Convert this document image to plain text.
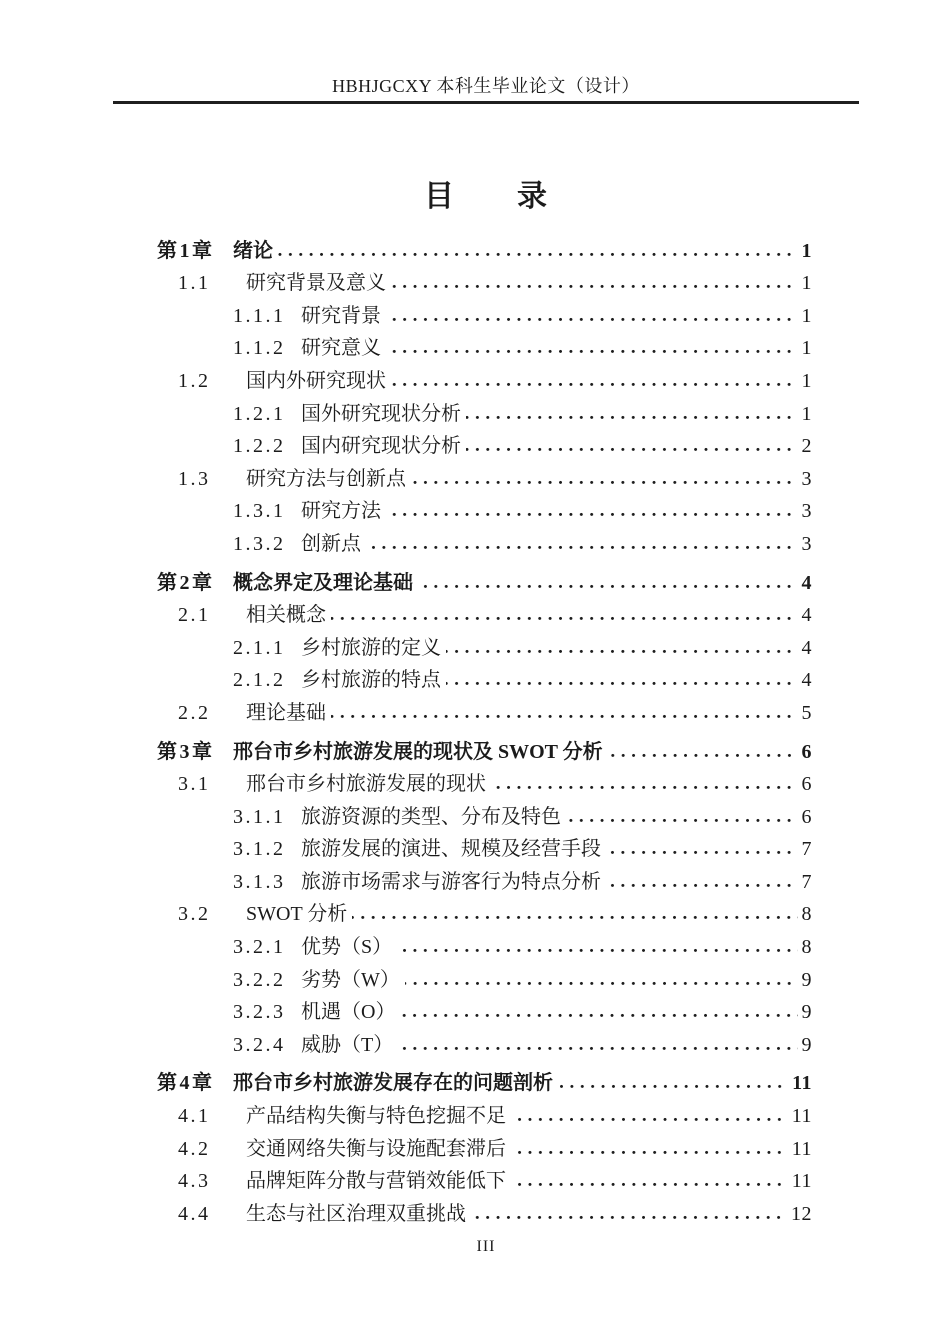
HBHJGCXY 本科生毕业论文（设计）
目　　录
第1章 绪论	1
1.1	研究背景及意义	1
1.1.1 研究背景	1
1.1.2 研究意义	1
1.2	国内外研究现状	1
1.2.1 国外研究现状分析	1
1.2.2 国内研究现状分析	2
1.3	研究方法与创新点	3
1.3.1 研究方法	3
1.3.2 创新点	3
第2章 概念界定及理论基础	4
2.1	相关概念	4
2.1.1 乡村旅游的定义	4
2.1.2 乡村旅游的特点	4
2.2	理论基础	5
第3章 邢台市乡村旅游发展的现状及 SWOT 分析	6
3.1	邢台市乡村旅游发展的现状	6
3.1.1 旅游资源的类型、分布及特色	6
3.1.2 旅游发展的演进、规模及经营手段	7
3.1.3 旅游市场需求与游客行为特点分析	7
3.2	SWOT 分析	8
3.2.1 优势（S）	8
3.2.2 劣势（W）	9
3.2.3 机遇（O）	9
3.2.4 威胁（T）	9
第4章 邢台市乡村旅游发展存在的问题剖析	11
4.1	产品结构失衡与特色挖掘不足	11
4.2	交通网络失衡与设施配套滞后	11
4.3	品牌矩阵分散与营销效能低下	11
4.4	生态与社区治理双重挑战	12
III
